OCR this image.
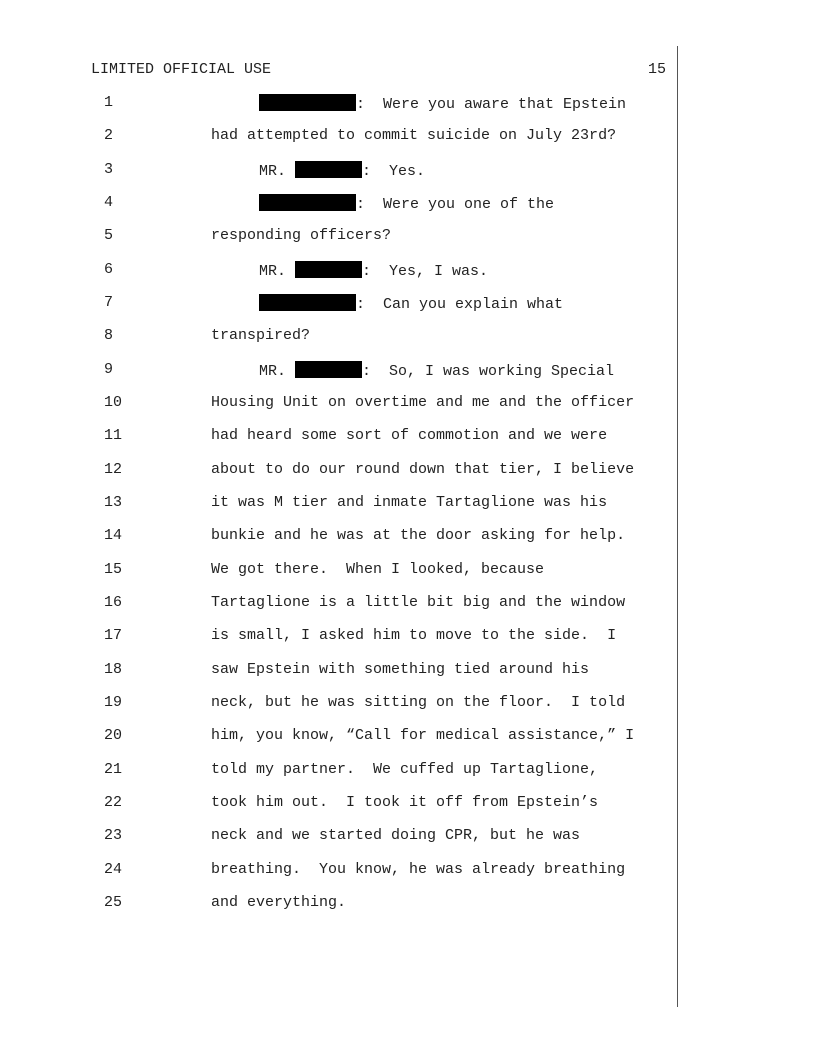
LIMITED OFFICIAL USE	15
1	:  Were you aware that Epstein
2	had attempted to commit suicide on July 23rd?
3	MR.	:  Yes.
4	:  Were you one of the
5	responding officers?
6	MR.	:  Yes, I was.
7	:  Can you explain what
8	transpired?
9	MR.	:  So, I was working Special
10	Housing Unit on overtime and me and the officer
11	had heard some sort of commotion and we were
12	about to do our round down that tier, I believe
13	it was M tier and inmate Tartaglione was his
14	bunkie and he was at the door asking for help.
15	We got there.  When I looked, because
16	Tartaglione is a little bit big and the window
17	is small, I asked him to move to the side.  I
18	saw Epstein with something tied around his
19	neck, but he was sitting on the floor.  I told
20	him, you know, “Call for medical assistance,” I
21	told my partner.  We cuffed up Tartaglione,
22	took him out.  I took it off from Epstein’s
23	neck and we started doing CPR, but he was
24	breathing.  You know, he was already breathing
25	and everything.
